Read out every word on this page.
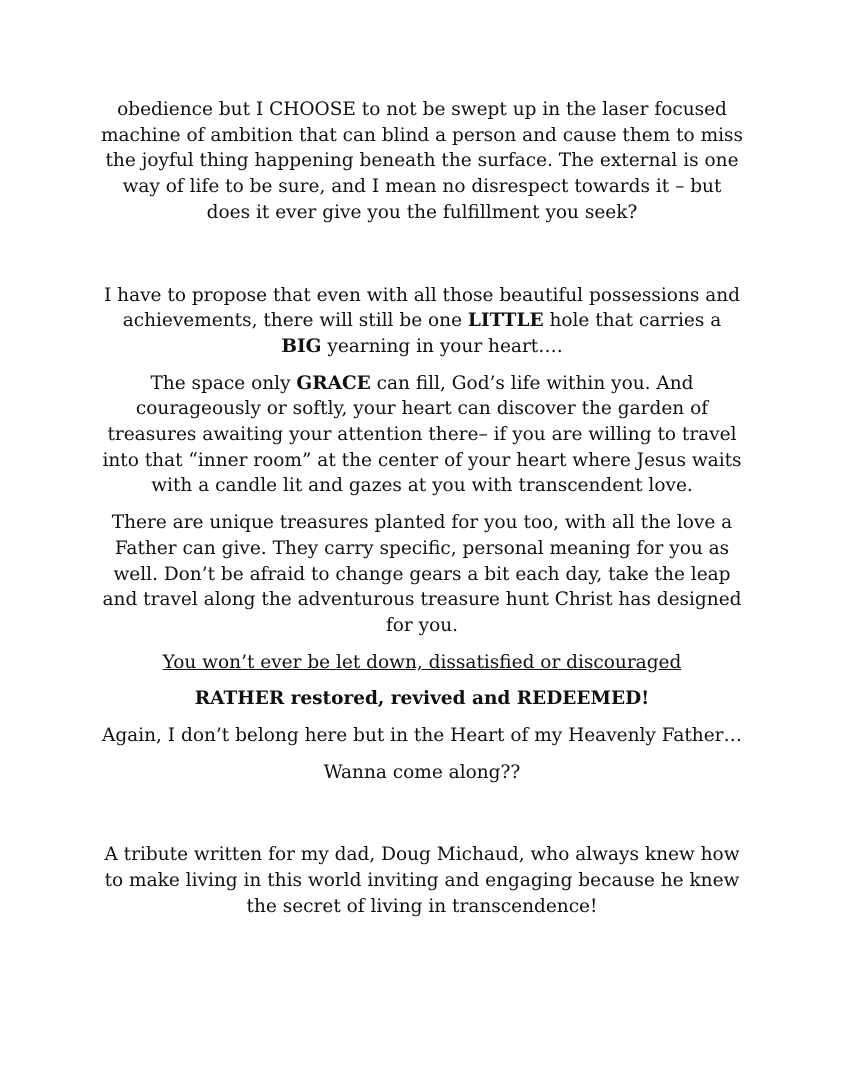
obedience but I CHOOSE to not be swept up in the laser focused machine of ambition that can blind a person and cause them to miss the joyful thing happening beneath the surface. The external is one way of life to be sure, and I mean no disrespect towards it – but does it ever give you the fulfillment you seek?

I have to propose that even with all those beautiful possessions and achievements, there will still be one LITTLE hole that carries a BIG yearning in your heart….

The space only GRACE can fill, God’s life within you. And courageously or softly, your heart can discover the garden of treasures awaiting your attention there– if you are willing to travel into that “inner room” at the center of your heart where Jesus waits with a candle lit and gazes at you with transcendent love.

There are unique treasures planted for you too, with all the love a Father can give. They carry specific, personal meaning for you as well. Don’t be afraid to change gears a bit each day, take the leap and travel along the adventurous treasure hunt Christ has designed for you.

You won’t ever be let down, dissatisfied or discouraged

RATHER restored, revived and REDEEMED!

Again, I don’t belong here but in the Heart of my Heavenly Father…

Wanna come along??

A tribute written for my dad, Doug Michaud, who always knew how to make living in this world inviting and engaging because he knew the secret of living in transcendence!
